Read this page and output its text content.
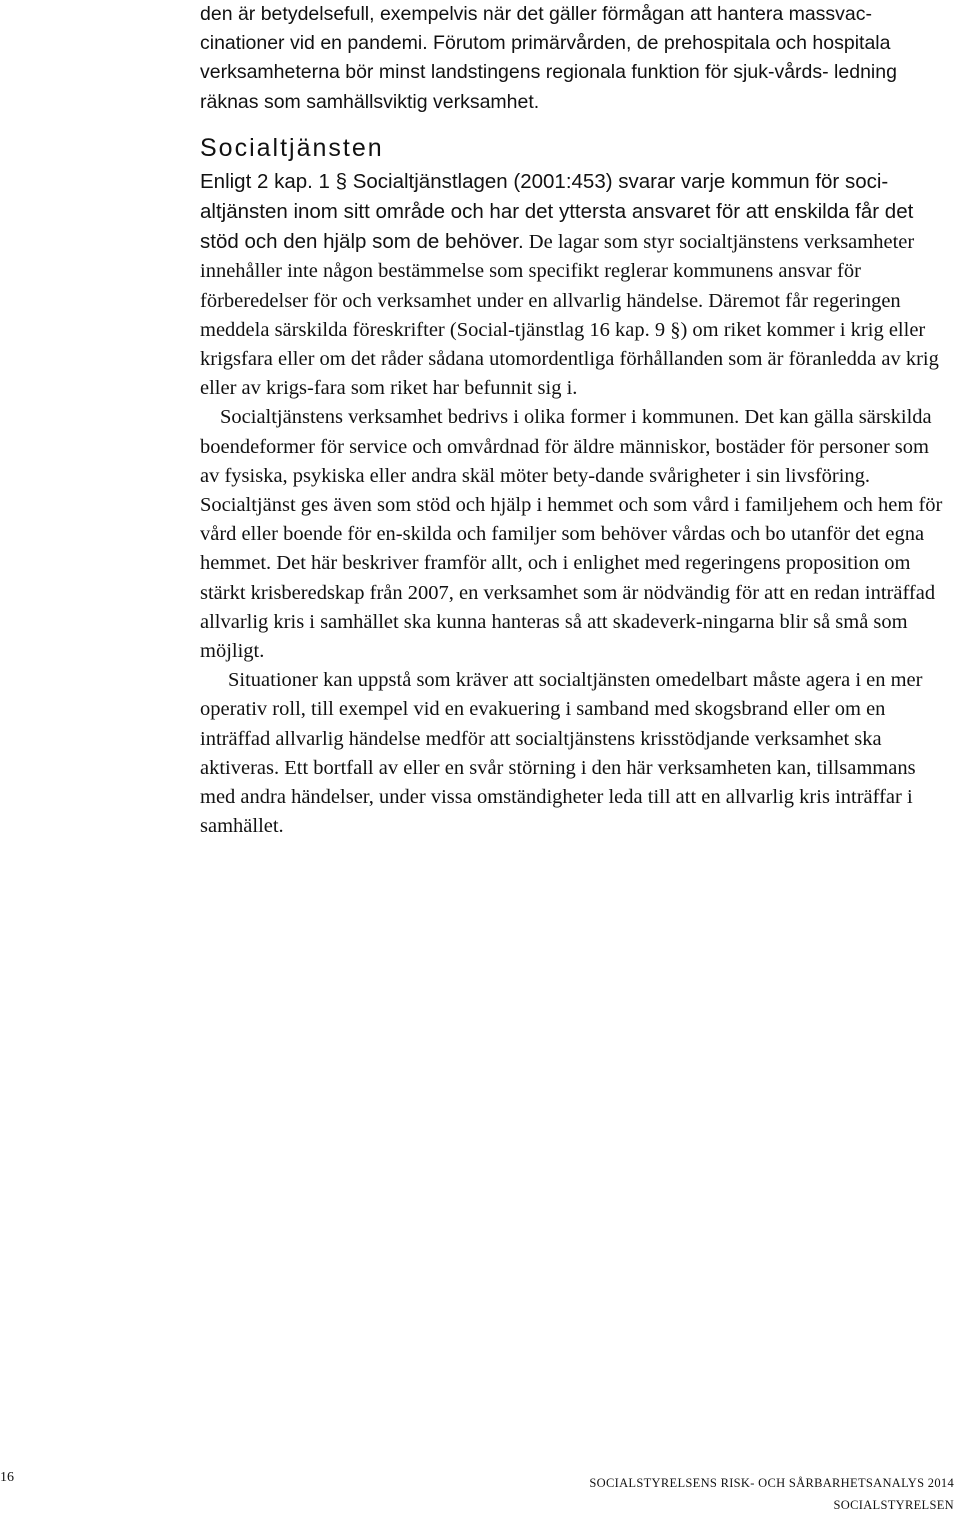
den är betydelsefull, exempelvis när det gäller förmågan att hantera massvac-cinationer vid en pandemi. Förutom primärvården, de prehospitala och hospitala verksamheterna bör minst landstingens regionala funktion för sjuk-vårds- ledning räknas som samhällsviktig verksamhet.

Socialtjänsten

Enligt 2 kap. 1 § Socialtjänstlagen (2001:453) svarar varje kommun för soci-altjänsten inom sitt område och har det yttersta ansvaret för att enskilda får det stöd och den hjälp som de behöver. De lagar som styr socialtjänstens verksamheter innehåller inte någon bestämmelse som specifikt reglerar kommunens ansvar för förberedelser för och verksamhet under en allvarlig händelse. Däremot får regeringen meddela särskilda föreskrifter (Social-tjänstlag 16 kap. 9 §) om riket kommer i krig eller krigsfara eller om det råder sådana utomordentliga förhållanden som är föranledda av krig eller av krigs-fara som riket har befunnit sig i.

Socialtjänstens verksamhet bedrivs i olika former i kommunen. Det kan gälla särskilda boendeformer för service och omvårdnad för äldre människor, bostäder för personer som av fysiska, psykiska eller andra skäl möter bety-dande svårigheter i sin livsföring. Socialtjänst ges även som stöd och hjälp i hemmet och som vård i familjehem och hem för vård eller boende för en-skilda och familjer som behöver vårdas och bo utanför det egna hemmet. Det här beskriver framför allt, och i enlighet med regeringens proposition om stärkt krisberedskap från 2007, en verksamhet som är nödvändig för att en redan inträffad allvarlig kris i samhället ska kunna hanteras så att skadeverk-ningarna blir så små som möjligt.

Situationer kan uppstå som kräver att socialtjänsten omedelbart måste agera i en mer operativ roll, till exempel vid en evakuering i samband med skogsbrand eller om en inträffad allvarlig händelse medför att socialtjänstens krisstödjande verksamhet ska aktiveras. Ett bortfall av eller en svår störning i den här verksamheten kan, tillsammans med andra händelser, under vissa omständigheter leda till att en allvarlig kris inträffar i samhället.

16	SOCIALSTYRELSENS RISK- OCH SÅRBARHETSANALYS 2014
SOCIALSTYRELSEN
